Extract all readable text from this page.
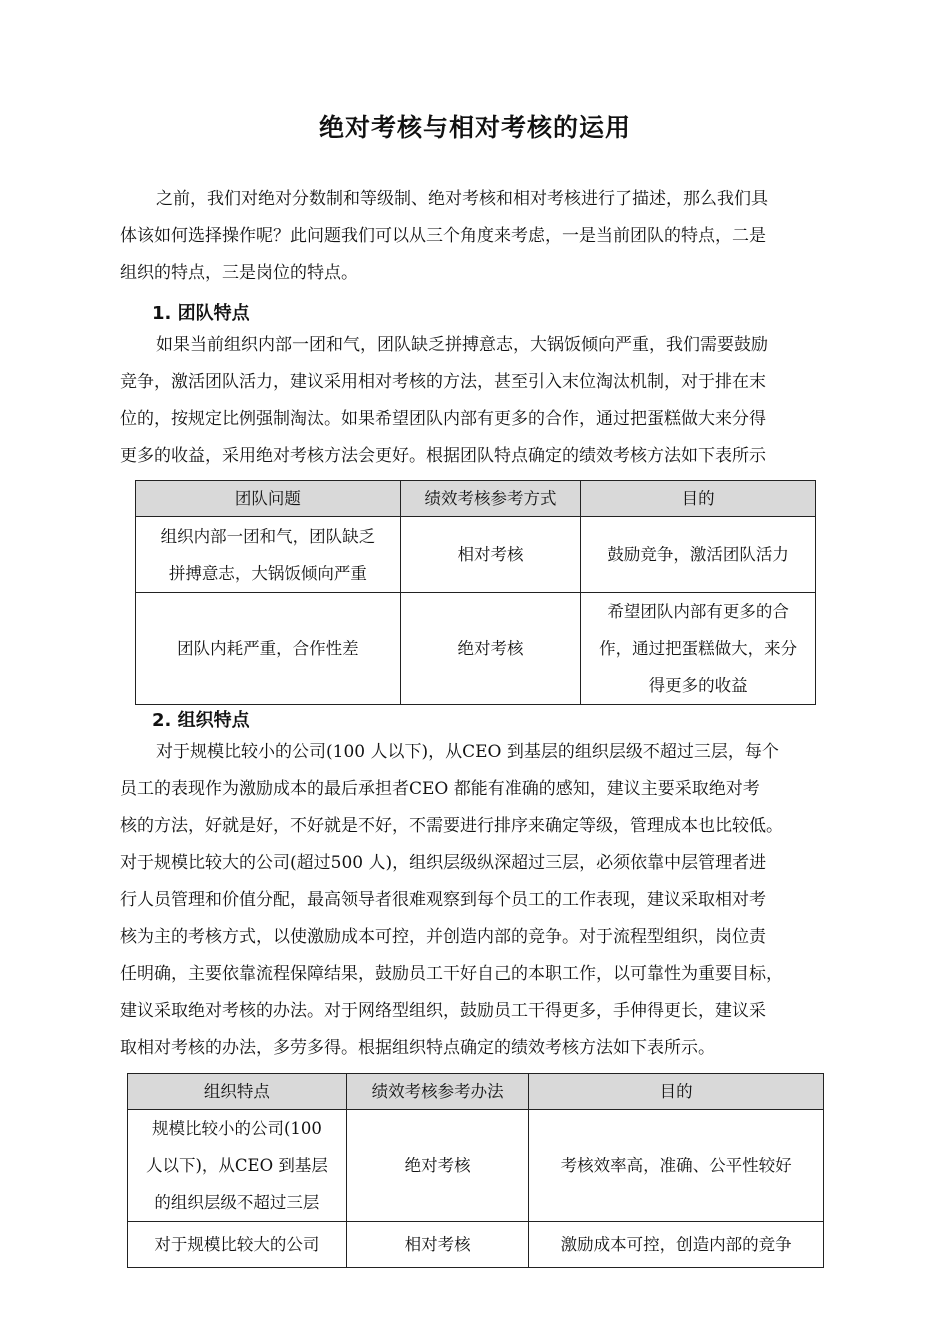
绝对考核与相对考核的运用
之前，我们对绝对分数制和等级制、绝对考核和相对考核进行了描述，那么我们具
体该如何选择操作呢？此问题我们可以从三个角度来考虑，一是当前团队的特点，二是
组织的特点，三是岗位的特点。
1. 团队特点
如果当前组织内部一团和气，团队缺乏拼搏意志，大锅饭倾向严重，我们需要鼓励
竞争，激活团队活力，建议采用相对考核的方法，甚至引入末位淘汰机制，对于排在末
位的，按规定比例强制淘汰。如果希望团队内部有更多的合作，通过把蛋糕做大来分得
更多的收益，采用绝对考核方法会更好。根据团队特点确定的绩效考核方法如下表所示
团队问题	绩效考核参考方式	目的

组织内部一团和气，团队缺乏
拼搏意志，大锅饭倾向严重	相对考核	鼓励竞争，激活团队活力

团队内耗严重，合作性差	绝对考核	希望团队内部有更多的合
作，通过把蛋糕做大，来分
得更多的收益
2. 组织特点
对于规模比较小的公司(100 人以下)，从CEO 到基层的组织层级不超过三层，每个
员工的表现作为激励成本的最后承担者CEO 都能有准确的感知，建议主要采取绝对考
核的方法，好就是好，不好就是不好，不需要进行排序来确定等级，管理成本也比较低。
对于规模比较大的公司(超过500 人)，组织层级纵深超过三层，必须依靠中层管理者进
行人员管理和价值分配，最高领导者很难观察到每个员工的工作表现，建议采取相对考
核为主的考核方式，以使激励成本可控，并创造内部的竞争。对于流程型组织，岗位责
任明确，主要依靠流程保障结果，鼓励员工干好自己的本职工作，以可靠性为重要目标，
建议采取绝对考核的办法。对于网络型组织，鼓励员工干得更多，手伸得更长，建议采
取相对考核的办法，多劳多得。根据组织特点确定的绩效考核方法如下表所示。
组织特点	绩效考核参考办法	目的

规模比较小的公司(100
人以下)，从CEO 到基层
的组织层级不超过三层	绝对考核	考核效率高，准确、公平性较好

对于规模比较大的公司	相对考核	激励成本可控，创造内部的竞争
